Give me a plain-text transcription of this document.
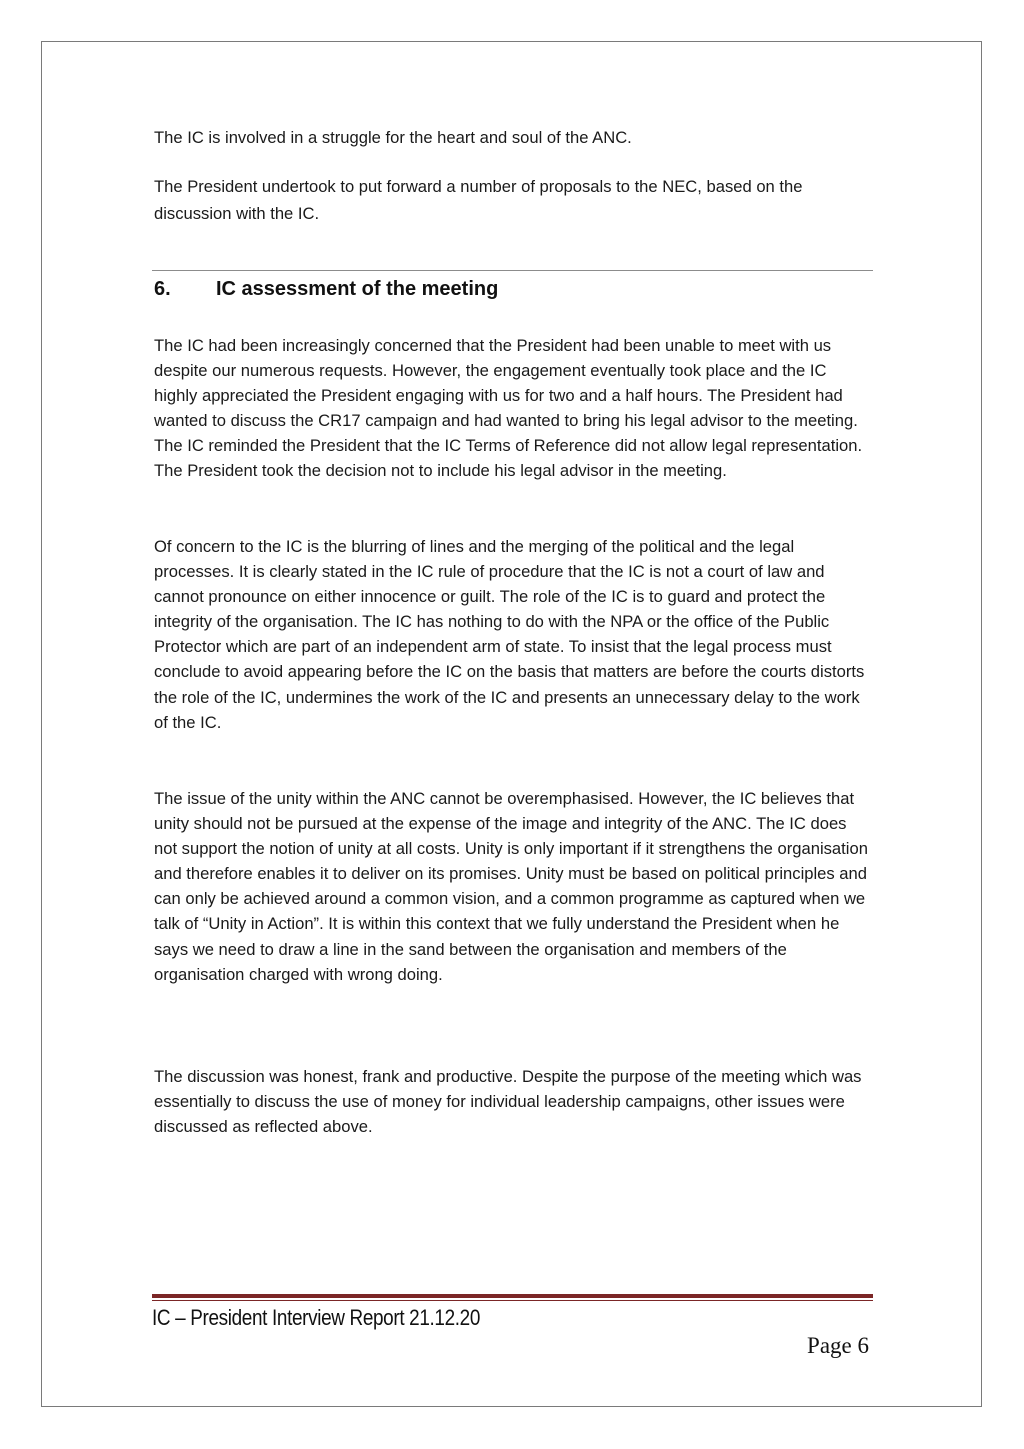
The IC is involved in a struggle for the heart and soul of the ANC.

The President undertook to put forward a number of proposals to the NEC, based on the discussion with the IC.

6. IC assessment of the meeting

The IC had been increasingly concerned that the President had been unable to meet with us despite our numerous requests. However, the engagement eventually took place and the IC highly appreciated the President engaging with us for two and a half hours. The President had wanted to discuss the CR17 campaign and had wanted to bring his legal advisor to the meeting. The IC reminded the President that the IC Terms of Reference did not allow legal representation. The President took the decision not to include his legal advisor in the meeting.

Of concern to the IC is the blurring of lines and the merging of the political and the legal processes. It is clearly stated in the IC rule of procedure that the IC is not a court of law and cannot pronounce on either innocence or guilt. The role of the IC is to guard and protect the integrity of the organisation. The IC has nothing to do with the NPA or the office of the Public Protector which are part of an independent arm of state. To insist that the legal process must conclude to avoid appearing before the IC on the basis that matters are before the courts distorts the role of the IC, undermines the work of the IC and presents an unnecessary delay to the work of the IC.

The issue of the unity within the ANC cannot be overemphasised. However, the IC believes that unity should not be pursued at the expense of the image and integrity of the ANC. The IC does not support the notion of unity at all costs. Unity is only important if it strengthens the organisation and therefore enables it to deliver on its promises. Unity must be based on political principles and can only be achieved around a common vision, and a common programme as captured when we talk of “Unity in Action”. It is within this context that we fully understand the President when he says we need to draw a line in the sand between the organisation and members of the organisation charged with wrong doing.

The discussion was honest, frank and productive. Despite the purpose of the meeting which was essentially to discuss the use of money for individual leadership campaigns, other issues were discussed as reflected above.

IC – President Interview Report 21.12.20
Page 6
